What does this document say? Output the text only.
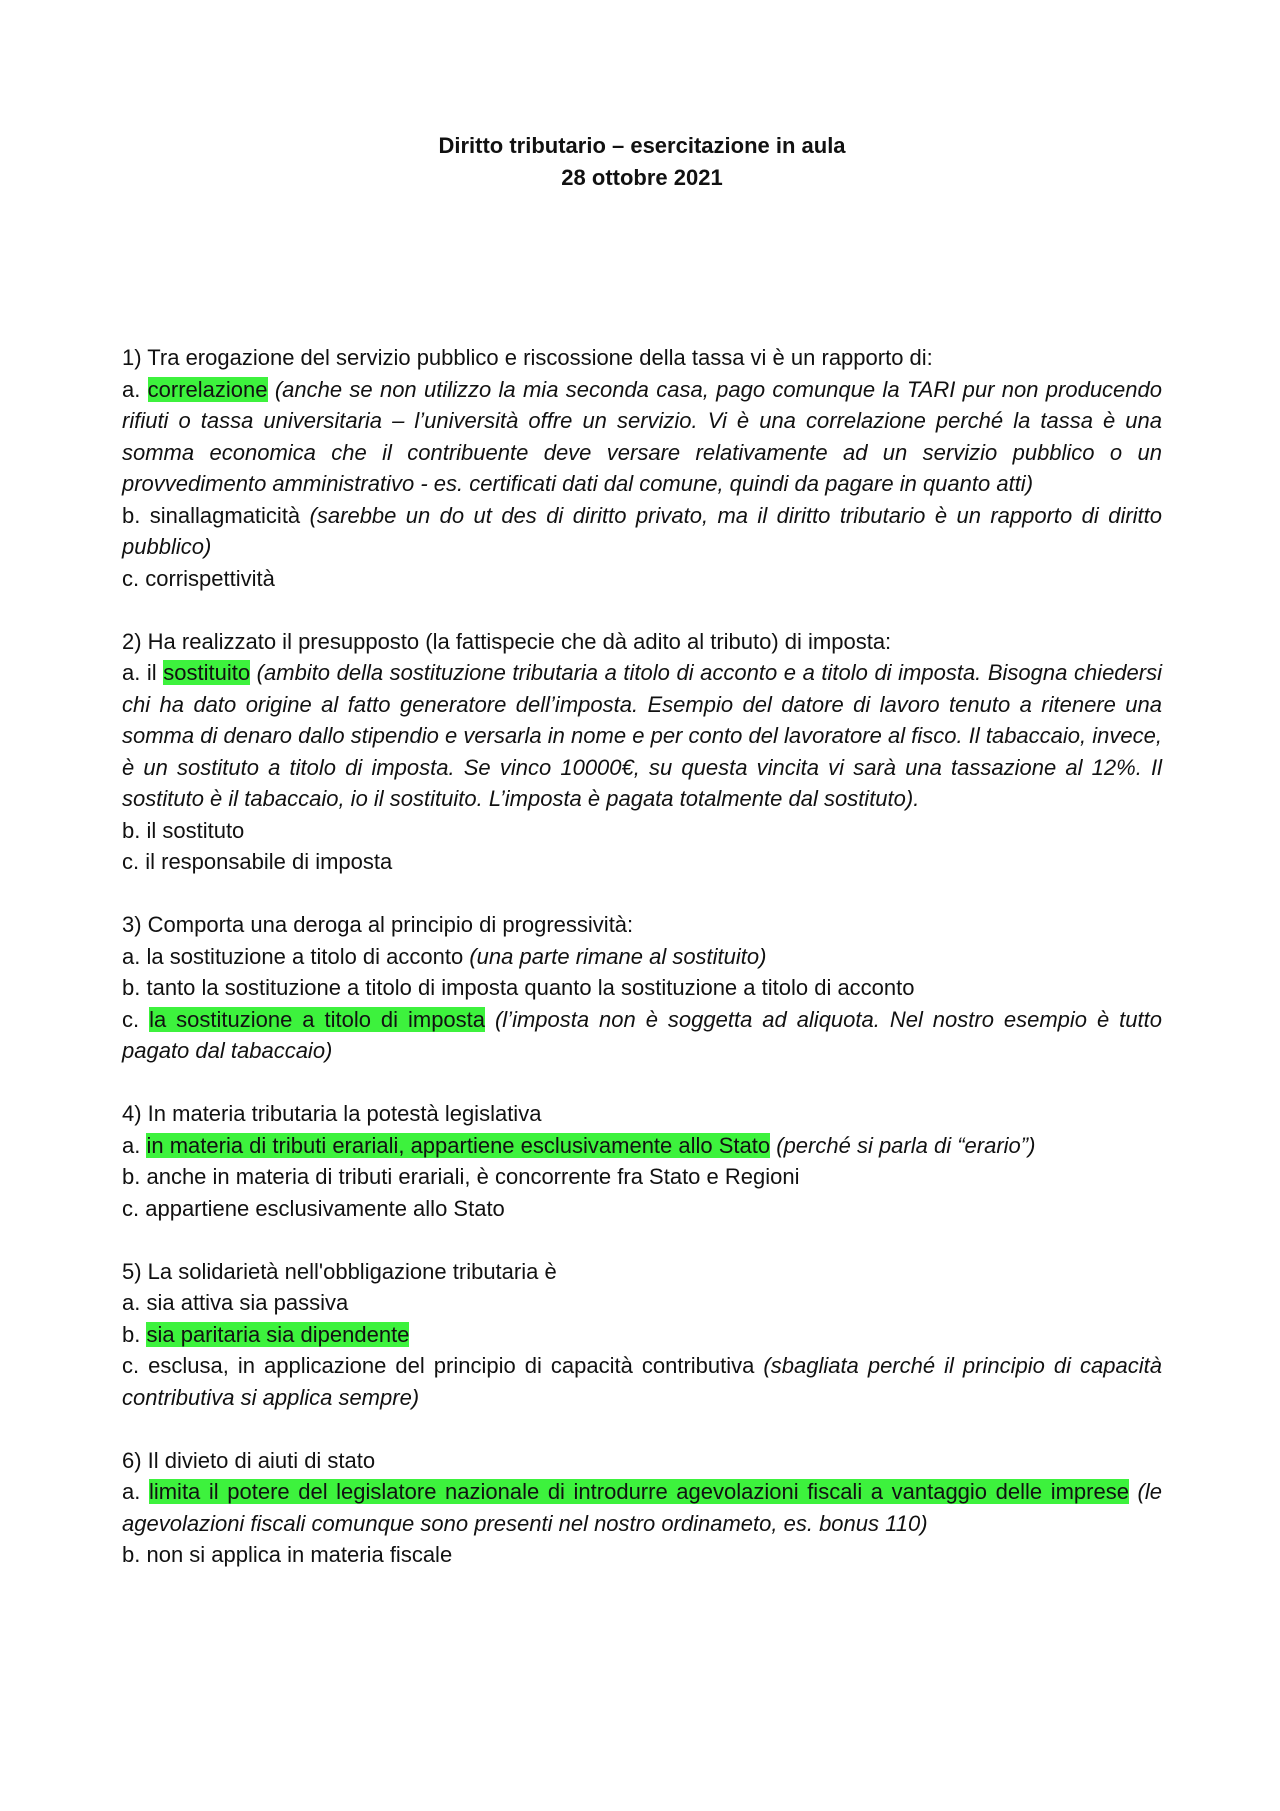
Diritto tributario – esercitazione in aula
28 ottobre 2021

1) Tra erogazione del servizio pubblico e riscossione della tassa vi è un rapporto di:

a. correlazione (anche se non utilizzo la mia seconda casa, pago comunque la TARI pur non producendo rifiuti o tassa universitaria – l’università offre un servizio. Vi è una correlazione perché la tassa è una somma economica che il contribuente deve versare relativamente ad un servizio pubblico o un provvedimento amministrativo - es. certificati dati dal comune, quindi da pagare in quanto atti)

b. sinallagmaticità (sarebbe un do ut des di diritto privato, ma il diritto tributario è un rapporto di diritto pubblico)

c. corrispettività

2) Ha realizzato il presupposto (la fattispecie che dà adito al tributo) di imposta:

a. il sostituito (ambito della sostituzione tributaria a titolo di acconto e a titolo di imposta. Bisogna chiedersi chi ha dato origine al fatto generatore dell’imposta. Esempio del datore di lavoro tenuto a ritenere una somma di denaro dallo stipendio e versarla in nome e per conto del lavoratore al fisco. Il tabaccaio, invece, è un sostituto a titolo di imposta. Se vinco 10000€, su questa vincita vi sarà una tassazione al 12%. Il sostituto è il tabaccaio, io il sostituito. L’imposta è pagata totalmente dal sostituto).

b. il sostituto

c. il responsabile di imposta

3) Comporta una deroga al principio di progressività:

a. la sostituzione a titolo di acconto (una parte rimane al sostituito)

b. tanto la sostituzione a titolo di imposta quanto la sostituzione a titolo di acconto

c. la sostituzione a titolo di imposta (l’imposta non è soggetta ad aliquota. Nel nostro esempio è tutto pagato dal tabaccaio)

4) In materia tributaria la potestà legislativa

a. in materia di tributi erariali, appartiene esclusivamente allo Stato (perché si parla di “erario”)

b. anche in materia di tributi erariali, è concorrente fra Stato e Regioni

c. appartiene esclusivamente allo Stato

5) La solidarietà nell'obbligazione tributaria è

a. sia attiva sia passiva

b. sia paritaria sia dipendente

c. esclusa, in applicazione del principio di capacità contributiva (sbagliata perché il principio di capacità contributiva si applica sempre)

6) Il divieto di aiuti di stato

a. limita il potere del legislatore nazionale di introdurre agevolazioni fiscali a vantaggio delle imprese (le agevolazioni fiscali comunque sono presenti nel nostro ordinameto, es. bonus 110)

b. non si applica in materia fiscale
